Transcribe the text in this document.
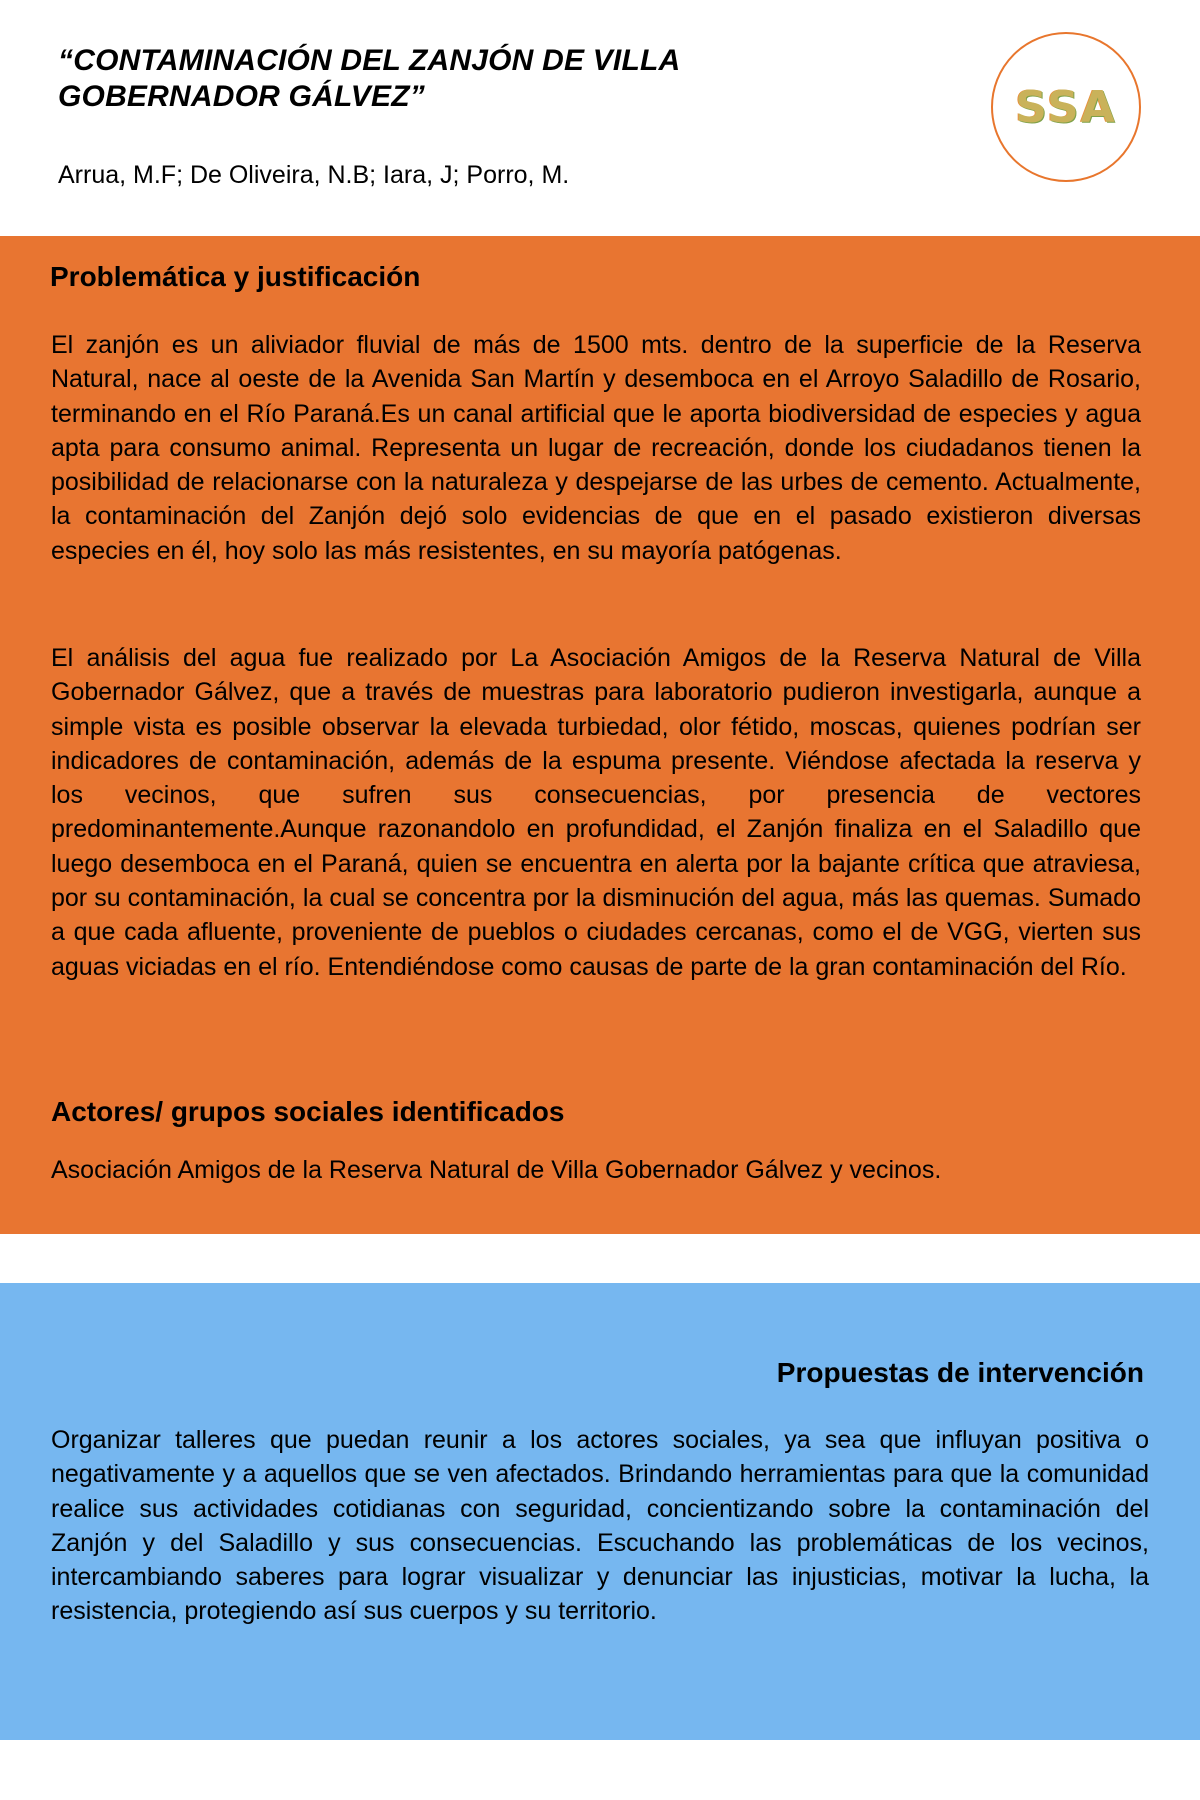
“CONTAMINACIÓN DEL ZANJÓN DE VILLA GOBERNADOR GÁLVEZ”
Arrua, M.F; De Oliveira, N.B; Iara, J; Porro, M.
SSA
Problemática y justificación
El zanjón es un aliviador fluvial de más de 1500 mts. dentro de la superficie de la Reserva Natural, nace al oeste de la Avenida San Martín y desemboca en el Arroyo Saladillo de Rosario, terminando en el Río Paraná.Es un canal artificial que le aporta biodiversidad de especies y agua apta para consumo animal. Representa un lugar de recreación, donde los ciudadanos tienen la posibilidad de relacionarse con la naturaleza y despejarse de las urbes de cemento. Actualmente, la contaminación del Zanjón dejó solo evidencias de que en el pasado existieron diversas especies en él, hoy solo las más resistentes, en su mayoría patógenas.
El análisis del agua fue realizado por La Asociación Amigos de la Reserva Natural de Villa Gobernador Gálvez, que a través de muestras para laboratorio pudieron investigarla, aunque a simple vista es posible observar la elevada turbiedad, olor fétido, moscas, quienes podrían ser indicadores de contaminación, además de la espuma presente. Viéndose afectada la reserva y los vecinos, que sufren sus consecuencias, por presencia de vectores predominantemente.Aunque razonandolo en profundidad, el Zanjón finaliza en el Saladillo que luego desemboca en el Paraná, quien se encuentra en alerta por la bajante crítica que atraviesa, por su contaminación, la cual se concentra por la disminución del agua, más las quemas. Sumado a que cada afluente, proveniente de pueblos o ciudades cercanas, como el de VGG, vierten sus aguas viciadas en el río. Entendiéndose como causas de parte de la gran contaminación del Río.
Actores/ grupos sociales identificados
Asociación Amigos de la Reserva Natural de Villa Gobernador Gálvez y vecinos.
Propuestas de intervención
Organizar talleres que puedan reunir a los actores sociales, ya sea que influyan positiva o negativamente y a aquellos que se ven afectados. Brindando herramientas para que la comunidad realice sus actividades cotidianas con seguridad, concientizando sobre la contaminación del Zanjón y del Saladillo y sus consecuencias. Escuchando las problemáticas de los vecinos, intercambiando saberes para lograr visualizar y denunciar las injusticias, motivar la lucha, la resistencia, protegiendo así sus cuerpos y su territorio.
